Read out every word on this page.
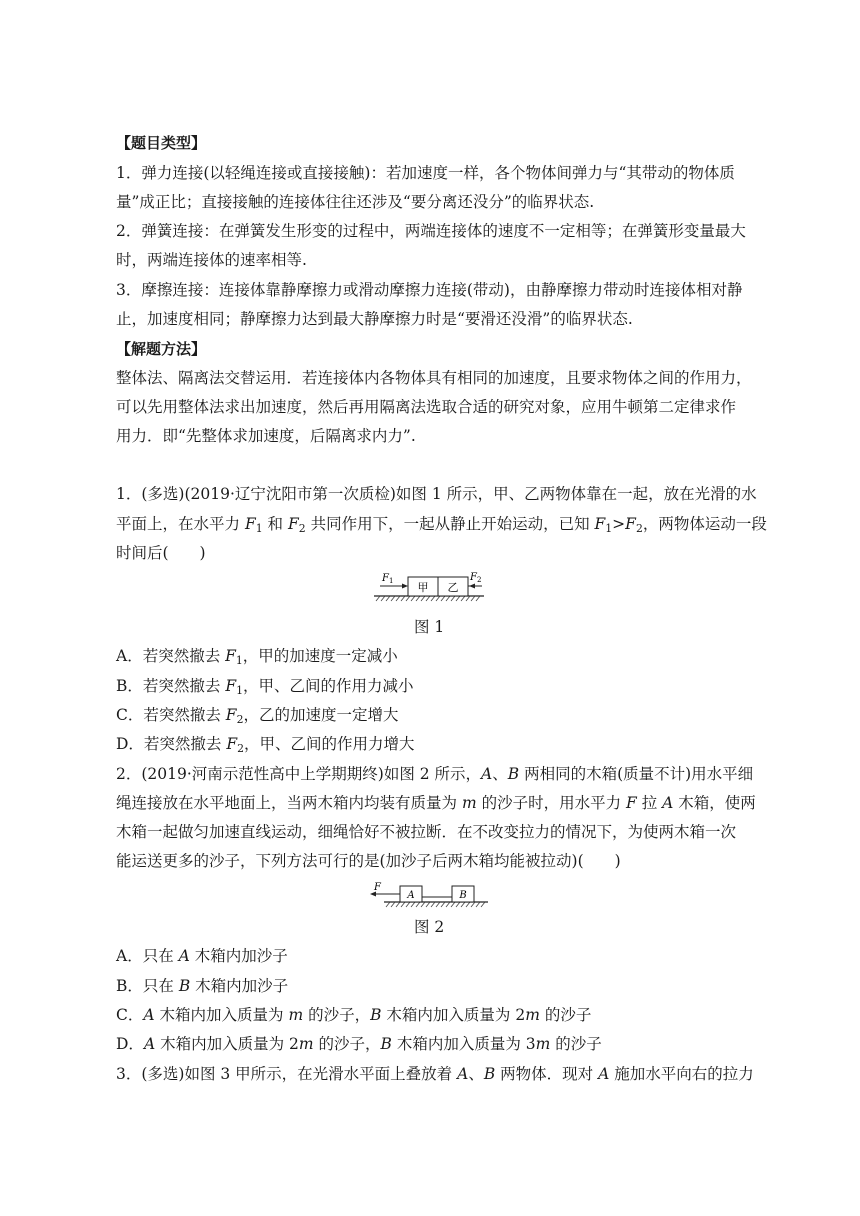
【题目类型】
1．弹力连接(以轻绳连接或直接接触)：若加速度一样，各个物体间弹力与“其带动的物体质
量”成正比；直接接触的连接体往往还涉及“要分离还没分”的临界状态.
2．弹簧连接：在弹簧发生形变的过程中，两端连接体的速度不一定相等；在弹簧形变量最大
时，两端连接体的速率相等.
3．摩擦连接：连接体靠静摩擦力或滑动摩擦力连接(带动)，由静摩擦力带动时连接体相对静
止，加速度相同；静摩擦力达到最大静摩擦力时是“要滑还没滑”的临界状态.
【解题方法】
整体法、隔离法交替运用．若连接体内各物体具有相同的加速度，且要求物体之间的作用力，
可以先用整体法求出加速度，然后再用隔离法选取合适的研究对象，应用牛顿第二定律求作
用力．即“先整体求加速度，后隔离求内力”.
1．(多选)(2019·辽宁沈阳市第一次质检)如图 1 所示，甲、乙两物体靠在一起，放在光滑的水
平面上，在水平力 $F_1$ 和 $F_2$ 共同作用下，一起从静止开始运动，已知 $F_1>F_2$，两物体运动一段
时间后(　　)
甲 乙
$F_1$	$F_2$
图 1
A．若突然撤去 $F_1$，甲的加速度一定减小
B．若突然撤去 $F_1$，甲、乙间的作用力减小
C．若突然撤去 $F_2$，乙的加速度一定增大
D．若突然撤去 $F_2$，甲、乙间的作用力增大
2．(2019·河南示范性高中上学期期终)如图 2 所示，A、B 两相同的木箱(质量不计)用水平细
绳连接放在水平地面上，当两木箱内均装有质量为 m 的沙子时，用水平力 F 拉 A 木箱，使两
木箱一起做匀加速直线运动，细绳恰好不被拉断．在不改变拉力的情况下，为使两木箱一次
能运送更多的沙子，下列方法可行的是(加沙子后两木箱均能被拉动)(　　)
A	B
F
图 2
A．只在 A 木箱内加沙子
B．只在 B 木箱内加沙子
C．A 木箱内加入质量为 m 的沙子，B 木箱内加入质量为 2m 的沙子
D．A 木箱内加入质量为 2m 的沙子，B 木箱内加入质量为 3m 的沙子
3．(多选)如图 3 甲所示，在光滑水平面上叠放着 A、B 两物体．现对 A 施加水平向右的拉力
